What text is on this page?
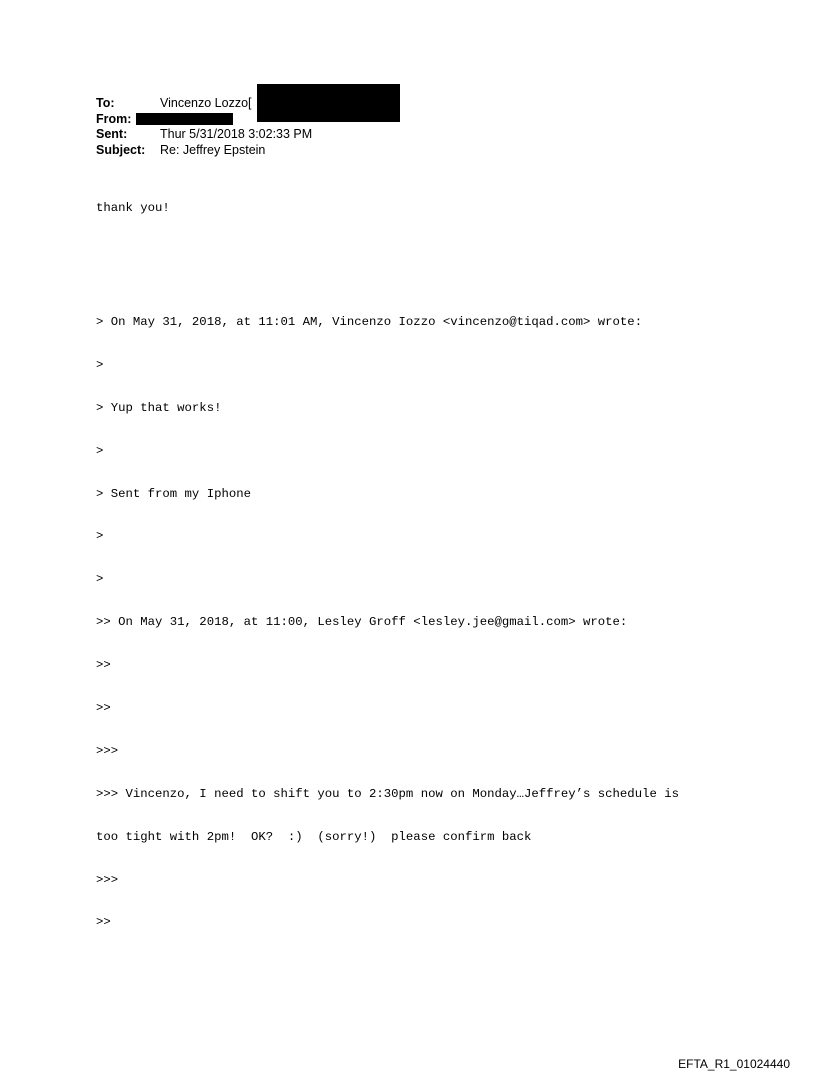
To:	Vincenzo Lozzo[
From:
Sent:	Thur 5/31/2018 3:02:33 PM
Subject: Re: Jeffrey Epstein

thank you!

> On May 31, 2018, at 11:01 AM, Vincenzo Iozzo <vincenzo@tiqad.com> wrote:

>

> Yup that works!

>

> Sent from my Iphone

>

>

>> On May 31, 2018, at 11:00, Lesley Groff <lesley.jee@gmail.com> wrote:

>>

>>

>>>

>>> Vincenzo, I need to shift you to 2:30pm now on Monday…Jeffrey’s schedule is

too tight with 2pm!  OK?  :)  (sorry!)  please confirm back

>>>

>>

EFTA_R1_01024440
